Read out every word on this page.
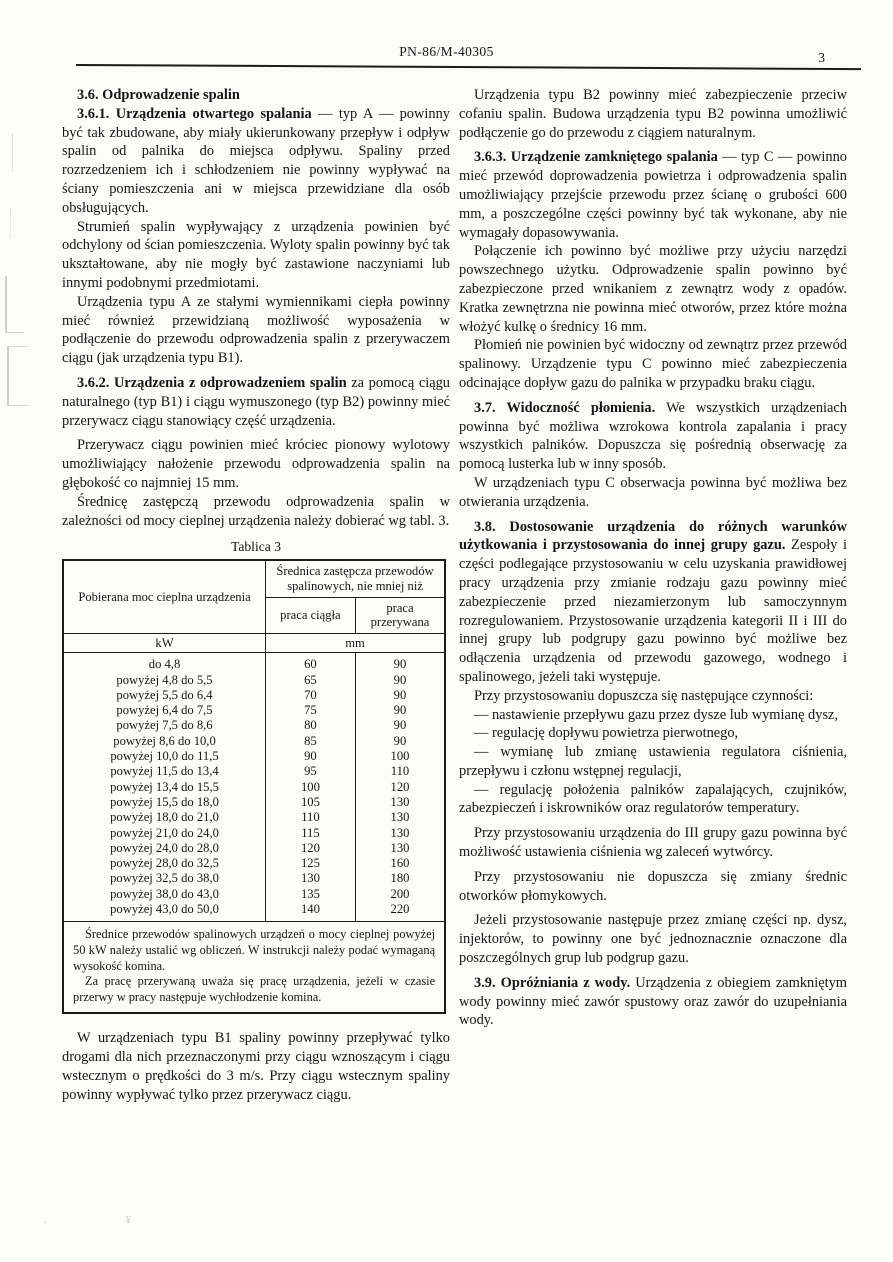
PN-86/M-40305	3
. ¥

3.6. Odprowadzenie spalin

3.6.1. Urządzenia otwartego spalania — typ A — powinny być tak zbudowane, aby miały ukierunkowany przepływ i odpływ spalin od palnika do miejsca odpływu. Spaliny przed rozrzedzeniem ich i schłodzeniem nie powinny wypływać na ściany pomieszczenia ani w miejsca przewidziane dla osób obsługujących.

Strumień spalin wypływający z urządzenia powinien być odchylony od ścian pomieszczenia. Wyloty spalin powinny być tak ukształtowane, aby nie mogły być zastawione naczyniami lub innymi podobnymi przedmiotami.

Urządzenia typu A ze stałymi wymiennikami ciepła powinny mieć również przewidzianą możliwość wyposażenia w podłączenie do przewodu odprowadzenia spalin z przerywaczem ciągu (jak urządzenia typu B1).

3.6.2. Urządzenia z odprowadzeniem spalin za pomocą ciągu naturalnego (typ B1) i ciągu wymuszonego (typ B2) powinny mieć przerywacz ciągu stanowiący część urządzenia.

Przerywacz ciągu powinien mieć króciec pionowy wylotowy umożliwiający nałożenie przewodu odprowadzenia spalin na głębokość co najmniej 15 mm.

Średnicę zastępczą przewodu odprowadzenia spalin w zależności od mocy cieplnej urządzenia należy dobierać wg tabl. 3.

Tablica 3
Pobierana moc cieplna urządzenia	Średnica zastępcza przewodów spalinowych, nie mniej niż	
	praca ciągła	praca przerywana
kW	mm	
do 4,8	60	90
powyżej 4,8 do 5,5	65	90
powyżej 5,5 do 6,4	70	90
powyżej 6,4 do 7,5	75	90
powyżej 7,5 do 8,6	80	90
powyżej 8,6 do 10,0	85	90
powyżej 10,0 do 11,5	90	100
powyżej 11,5 do 13,4	95	110
powyżej 13,4 do 15,5	100	120
powyżej 15,5 do 18,0	105	130
powyżej 18,0 do 21,0	110	130
powyżej 21,0 do 24,0	115	130
powyżej 24,0 do 28,0	120	130
powyżej 28,0 do 32,5	125	160
powyżej 32,5 do 38,0	130	180
powyżej 38,0 do 43,0	135	200
powyżej 43,0 do 50,0	140	220

Średnice przewodów spalinowych urządzeń o mocy cieplnej powyżej 50 kW należy ustalić wg obliczeń. W instrukcji należy podać wymaganą wysokość komina.

Za pracę przerywaną uważa się pracę urządzenia, jeżeli w czasie przerwy w pracy następuje wychłodzenie komina.		

W urządzeniach typu B1 spaliny powinny przepływać tylko drogami dla nich przeznaczonymi przy ciągu wznoszącym i ciągu wstecznym o prędkości do 3 m/s. Przy ciągu wstecznym spaliny powinny wypływać tylko przez przerywacz ciągu.

Urządzenia typu B2 powinny mieć zabezpieczenie przeciw cofaniu spalin. Budowa urządzenia typu B2 powinna umożliwić podłączenie go do przewodu z ciągiem naturalnym.

3.6.3. Urządzenie zamkniętego spalania — typ C — powinno mieć przewód doprowadzenia powietrza i odprowadzenia spalin umożliwiający przejście przewodu przez ścianę o grubości 600 mm, a poszczególne części powinny być tak wykonane, aby nie wymagały dopasowywania.

Połączenie ich powinno być możliwe przy użyciu narzędzi powszechnego użytku. Odprowadzenie spalin powinno być zabezpieczone przed wnikaniem z zewnątrz wody z opadów. Kratka zewnętrzna nie powinna mieć otworów, przez które można włożyć kulkę o średnicy 16 mm.

Płomień nie powinien być widoczny od zewnątrz przez przewód spalinowy. Urządzenie typu C powinno mieć zabezpieczenia odcinające dopływ gazu do palnika w przypadku braku ciągu.

3.7. Widoczność płomienia. We wszystkich urządzeniach powinna być możliwa wzrokowa kontrola zapalania i pracy wszystkich palników. Dopuszcza się pośrednią obserwację za pomocą lusterka lub w inny sposób.

W urządzeniach typu C obserwacja powinna być możliwa bez otwierania urządzenia.

3.8. Dostosowanie urządzenia do różnych warunków użytkowania i przystosowania do innej grupy gazu. Zespoły i części podlegające przystosowaniu w celu uzyskania prawidłowej pracy urządzenia przy zmianie rodzaju gazu powinny mieć zabezpieczenie przed niezamierzonym lub samoczynnym rozregulowaniem. Przystosowanie urządzenia kategorii II i III do innej grupy lub podgrupy gazu powinno być możliwe bez odłączenia urządzenia od przewodu gazowego, wodnego i spalinowego, jeżeli taki występuje.

Przy przystosowaniu dopuszcza się następujące czynności:

— nastawienie przepływu gazu przez dysze lub wymianę dysz,

— regulację dopływu powietrza pierwotnego,

— wymianę lub zmianę ustawienia regulatora ciśnienia, przepływu i członu wstępnej regulacji,

— regulację położenia palników zapalających, czujników, zabezpieczeń i iskrowników oraz regulatorów temperatury.

Przy przystosowaniu urządzenia do III grupy gazu powinna być możliwość ustawienia ciśnienia wg zaleceń wytwórcy.

Przy przystosowaniu nie dopuszcza się zmiany średnic otworków płomykowych.

Jeżeli przystosowanie następuje przez zmianę części np. dysz, injektorów, to powinny one być jednoznacznie oznaczone dla poszczególnych grup lub podgrup gazu.

3.9. Opróżniania z wody. Urządzenia z obiegiem zamkniętym wody powinny mieć zawór spustowy oraz zawór do uzupełniania wody.
